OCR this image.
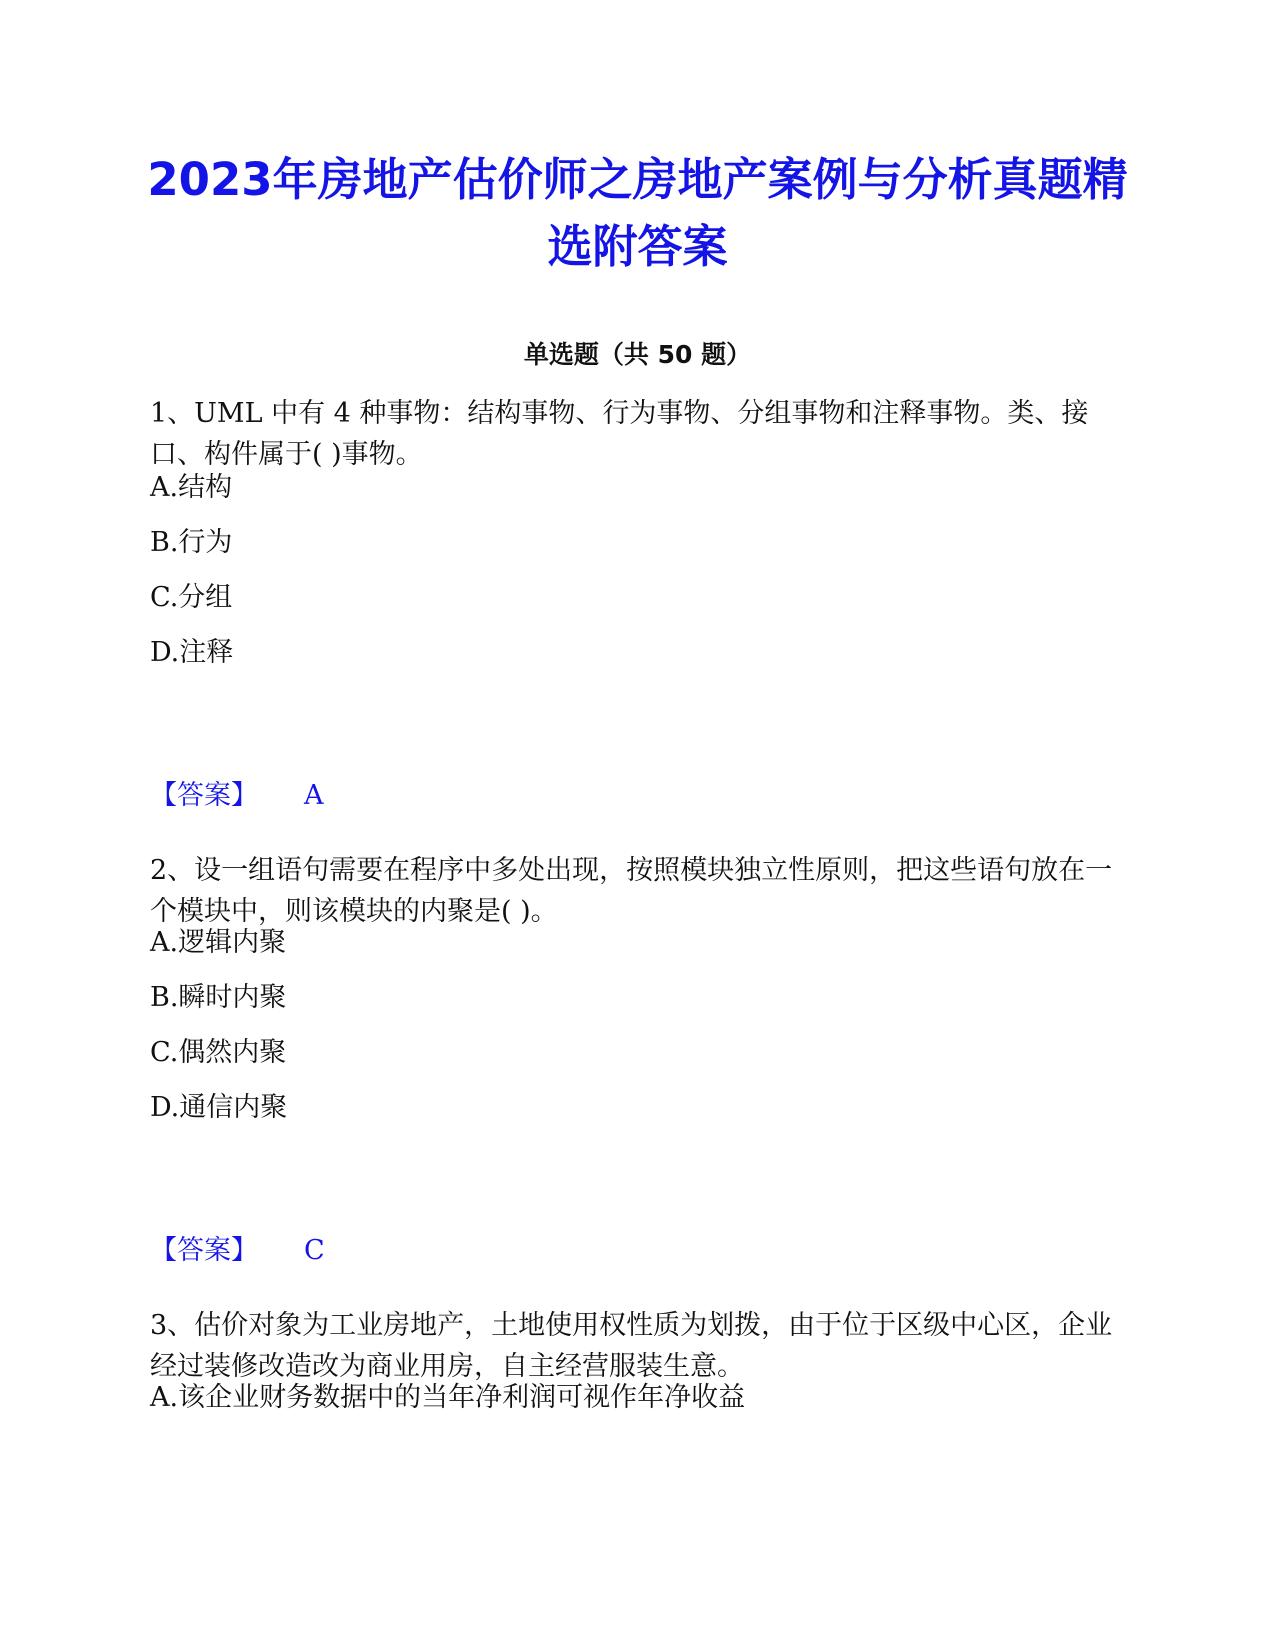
2023年房地产估价师之房地产案例与分析真题精选附答案
单选题（共 50 题）
1、UML 中有 4 种事物：结构事物、行为事物、分组事物和注释事物。类、接口、构件属于( )事物。
A.结构
B.行为
C.分组
D.注释
【答案】 A
2、设一组语句需要在程序中多处出现，按照模块独立性原则，把这些语句放在一个模块中，则该模块的内聚是( )。
A.逻辑内聚
B.瞬时内聚
C.偶然内聚
D.通信内聚
【答案】 C
3、估价对象为工业房地产，土地使用权性质为划拨，由于位于区级中心区，企业经过装修改造改为商业用房，自主经营服装生意。
A.该企业财务数据中的当年净利润可视作年净收益
